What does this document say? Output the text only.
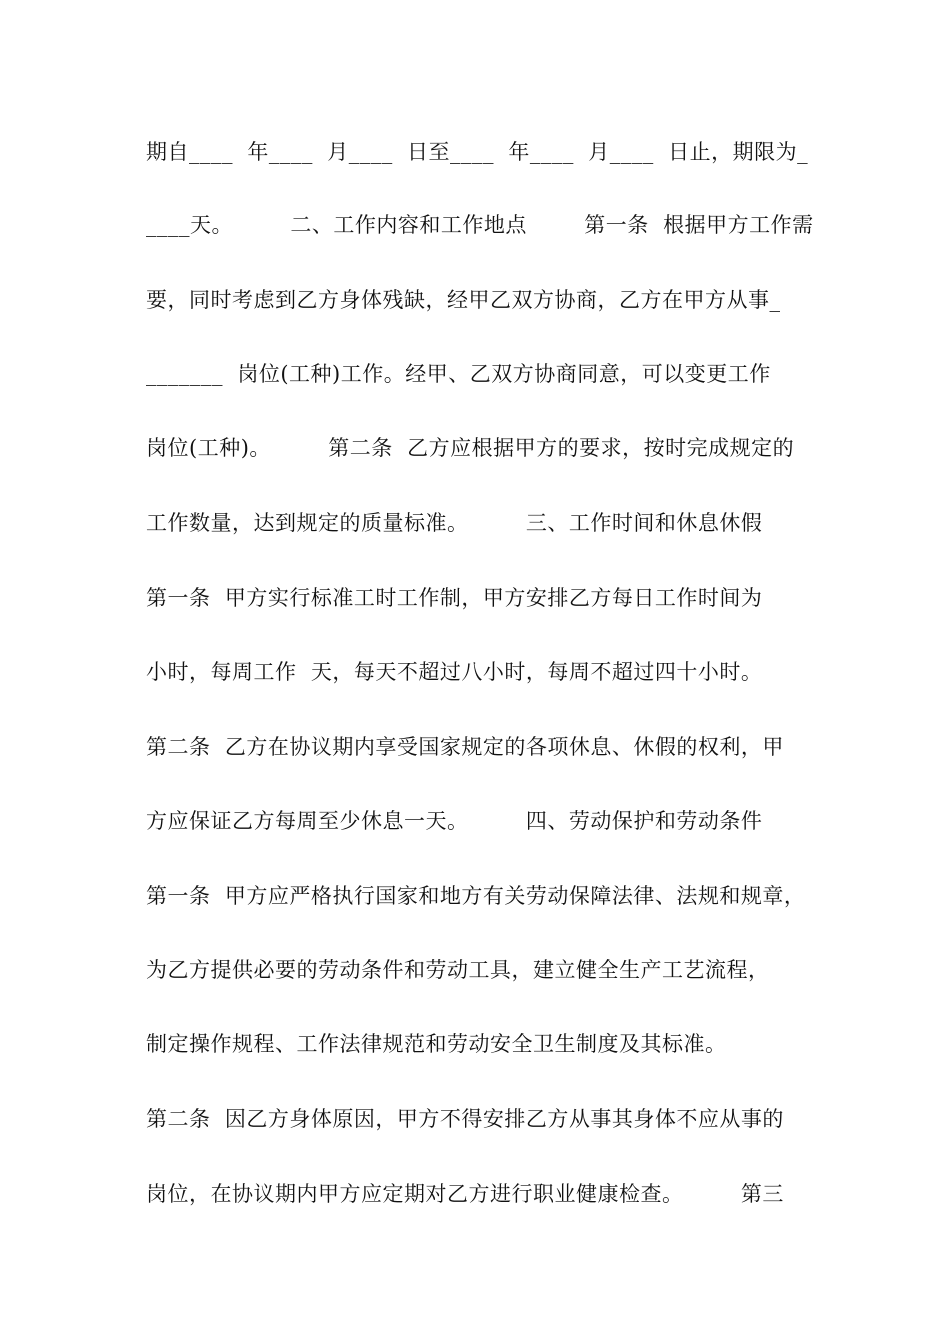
期自____  年____  月____  日至____  年____  月____  日止，期限为_
____天。        二、工作内容和工作地点        第一条  根据甲方工作需
要，同时考虑到乙方身体残缺，经甲乙双方协商，乙方在甲方从事_
_______  岗位(工种)工作。经甲、乙双方协商同意，可以变更工作
岗位(工种)。        第二条  乙方应根据甲方的要求，按时完成规定的
工作数量，达到规定的质量标准。        三、工作时间和休息休假
第一条  甲方实行标准工时工作制，甲方安排乙方每日工作时间为
小时，每周工作  天，每天不超过八小时，每周不超过四十小时。
第二条  乙方在协议期内享受国家规定的各项休息、休假的权利，甲
方应保证乙方每周至少休息一天。        四、劳动保护和劳动条件
第一条  甲方应严格执行国家和地方有关劳动保障法律、法规和规章，
为乙方提供必要的劳动条件和劳动工具，建立健全生产工艺流程，
制定操作规程、工作法律规范和劳动安全卫生制度及其标准。
第二条  因乙方身体原因，甲方不得安排乙方从事其身体不应从事的
岗位，在协议期内甲方应定期对乙方进行职业健康检查。        第三
